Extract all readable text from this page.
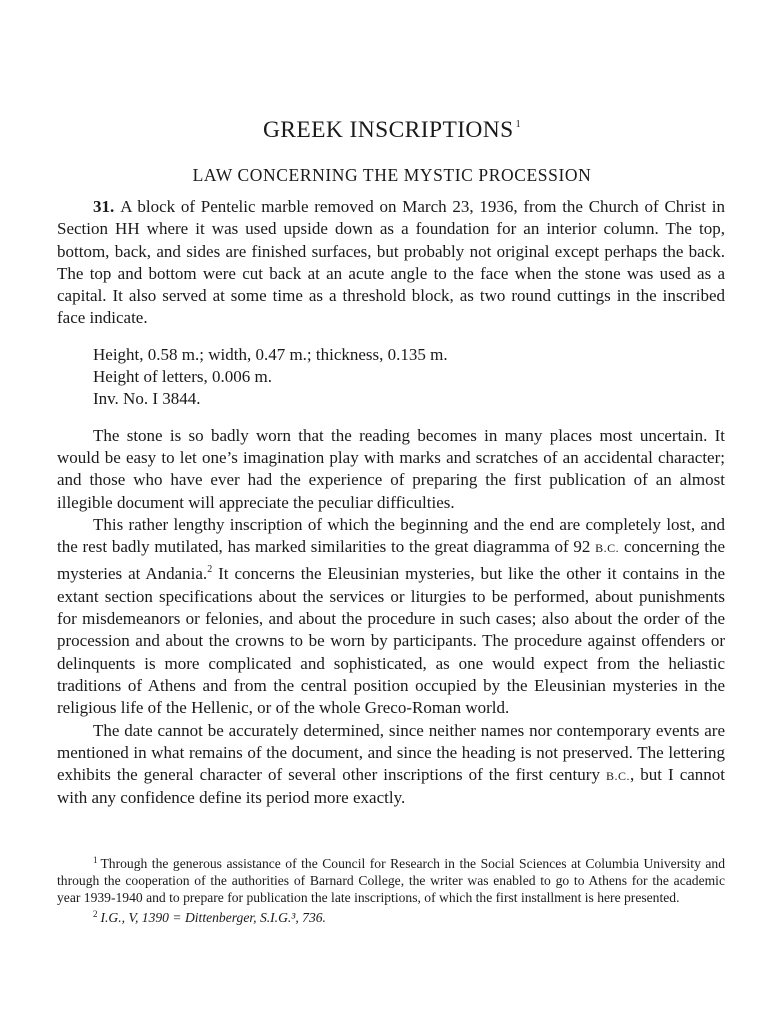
GREEK INSCRIPTIONS $^1$
LAW CONCERNING THE MYSTIC PROCESSION

31. A block of Pentelic marble removed on March 23, 1936, from the Church of Christ in Section ΗΗ where it was used upside down as a foundation for an interior column. The top, bottom, back, and sides are finished surfaces, but probably not original except perhaps the back. The top and bottom were cut back at an acute angle to the face when the stone was used as a capital. It also served at some time as a threshold block, as two round cuttings in the inscribed face indicate.

Height, 0.58 m.; width, 0.47 m.; thickness, 0.135 m.
Height of letters, 0.006 m.
Inv. No. I 3844.

The stone is so badly worn that the reading becomes in many places most uncertain. It would be easy to let one’s imagination play with marks and scratches of an accidental character; and those who have ever had the experience of preparing the first publication of an almost illegible document will appreciate the peculiar difficulties.

This rather lengthy inscription of which the beginning and the end are completely lost, and the rest badly mutilated, has marked similarities to the great diagramma of 92 B.C. concerning the mysteries at Andania.$^2$ It concerns the Eleusinian mysteries, but like the other it contains in the extant section specifications about the services or liturgies to be performed, about punishments for misdemeanors or felonies, and about the procedure in such cases; also about the order of the procession and about the crowns to be worn by participants. The procedure against offenders or delinquents is more complicated and sophisticated, as one would expect from the heliastic traditions of Athens and from the central position occupied by the Eleusinian mysteries in the religious life of the Hellenic, or of the whole Greco-Roman world.

The date cannot be accurately determined, since neither names nor contemporary events are mentioned in what remains of the document, and since the heading is not preserved. The lettering exhibits the general character of several other inscriptions of the first century B.C., but I cannot with any confidence define its period more exactly.

$^1$ Through the generous assistance of the Council for Research in the Social Sciences at Columbia University and through the cooperation of the authorities of Barnard College, the writer was enabled to go to Athens for the academic year 1939-1940 and to prepare for publication the late inscriptions, of which the first installment is here presented.

$^2$ I.G., V, 1390 = Dittenberger, S.I.G.³, 736.
